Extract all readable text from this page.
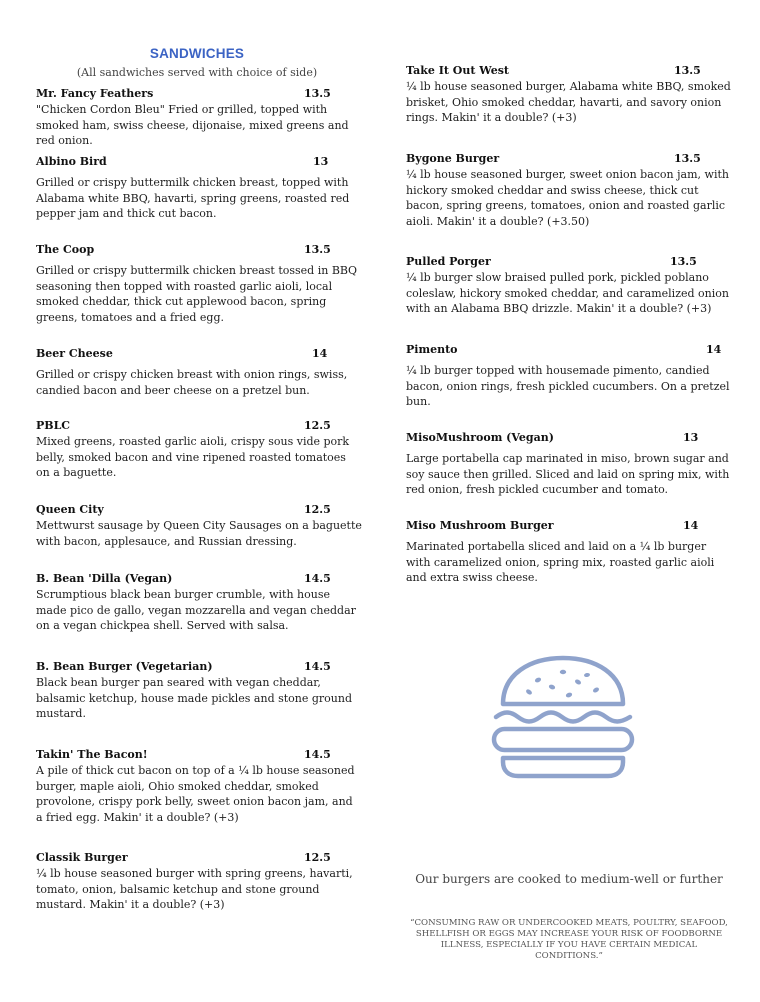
SANDWICHES
(All sandwiches served with choice of side)
Mr. Fancy Feathers	13.5

"Chicken Cordon Bleu" Fried or grilled, topped with smoked ham, swiss cheese, dijonaise, mixed greens and red onion.

Albino Bird	13

Grilled or crispy buttermilk chicken breast, topped with Alabama white BBQ, havarti, spring greens, roasted red pepper jam and thick cut bacon.

The Coop	13.5

Grilled or crispy buttermilk chicken breast tossed in BBQ seasoning then topped with roasted garlic aioli, local smoked cheddar, thick cut applewood bacon, spring greens, tomatoes and a fried egg.

Beer Cheese	14

Grilled or crispy chicken breast with onion rings, swiss, candied bacon and beer cheese on a pretzel bun.

PBLC	12.5

Mixed greens, roasted garlic aioli, crispy sous vide pork belly, smoked bacon and vine ripened roasted tomatoes on a baguette.

Queen City	12.5

Mettwurst sausage by Queen City Sausages on a baguette with bacon, applesauce, and Russian dressing.

B. Bean 'Dilla (Vegan)	14.5

Scrumptious black bean burger crumble, with house made pico de gallo, vegan mozzarella and vegan cheddar on a vegan chickpea shell. Served with salsa.

B. Bean Burger (Vegetarian)	14.5

Black bean burger pan seared with vegan cheddar, balsamic ketchup, house made pickles and stone ground mustard.

Takin' The Bacon!	14.5

A pile of thick cut bacon on top of a ¼ lb house seasoned burger, maple aioli, Ohio smoked cheddar, smoked provolone, crispy pork belly, sweet onion bacon jam, and a fried egg. Makin' it a double? (+3)

Classik Burger	12.5

¼ lb house seasoned burger with spring greens, havarti, tomato, onion, balsamic ketchup and stone ground mustard. Makin' it a double? (+3)

Take It Out West	13.5

¼ lb house seasoned burger, Alabama white BBQ, smoked brisket, Ohio smoked cheddar, havarti, and savory onion rings. Makin' it a double? (+3)

Bygone Burger	13.5

¼ lb house seasoned burger, sweet onion bacon jam, with hickory smoked cheddar and swiss cheese, thick cut bacon, spring greens, tomatoes, onion and roasted garlic aioli. Makin' it a double? (+3.50)

Pulled Porger	13.5

¼ lb burger slow braised pulled pork, pickled poblano coleslaw, hickory smoked cheddar, and caramelized onion with an Alabama BBQ drizzle. Makin' it a double? (+3)

Pimento	14

¼ lb burger topped with housemade pimento, candied bacon, onion rings, fresh pickled cucumbers. On a pretzel bun.

MisoMushroom (Vegan)	13

Large portabella cap marinated in miso, brown sugar and soy sauce then grilled. Sliced and laid on spring mix, with red onion, fresh pickled cucumber and tomato.

Miso Mushroom Burger	14

Marinated portabella sliced and laid on a ¼ lb burger with caramelized onion, spring mix, roasted garlic aioli and extra swiss cheese.

Our burgers are cooked to medium-well or further
“CONSUMING RAW OR UNDERCOOKED MEATS, POULTRY, SEAFOOD, SHELLFISH OR EGGS MAY INCREASE YOUR RISK OF FOODBORNE ILLNESS, ESPECIALLY IF YOU HAVE CERTAIN MEDICAL CONDITIONS.”
